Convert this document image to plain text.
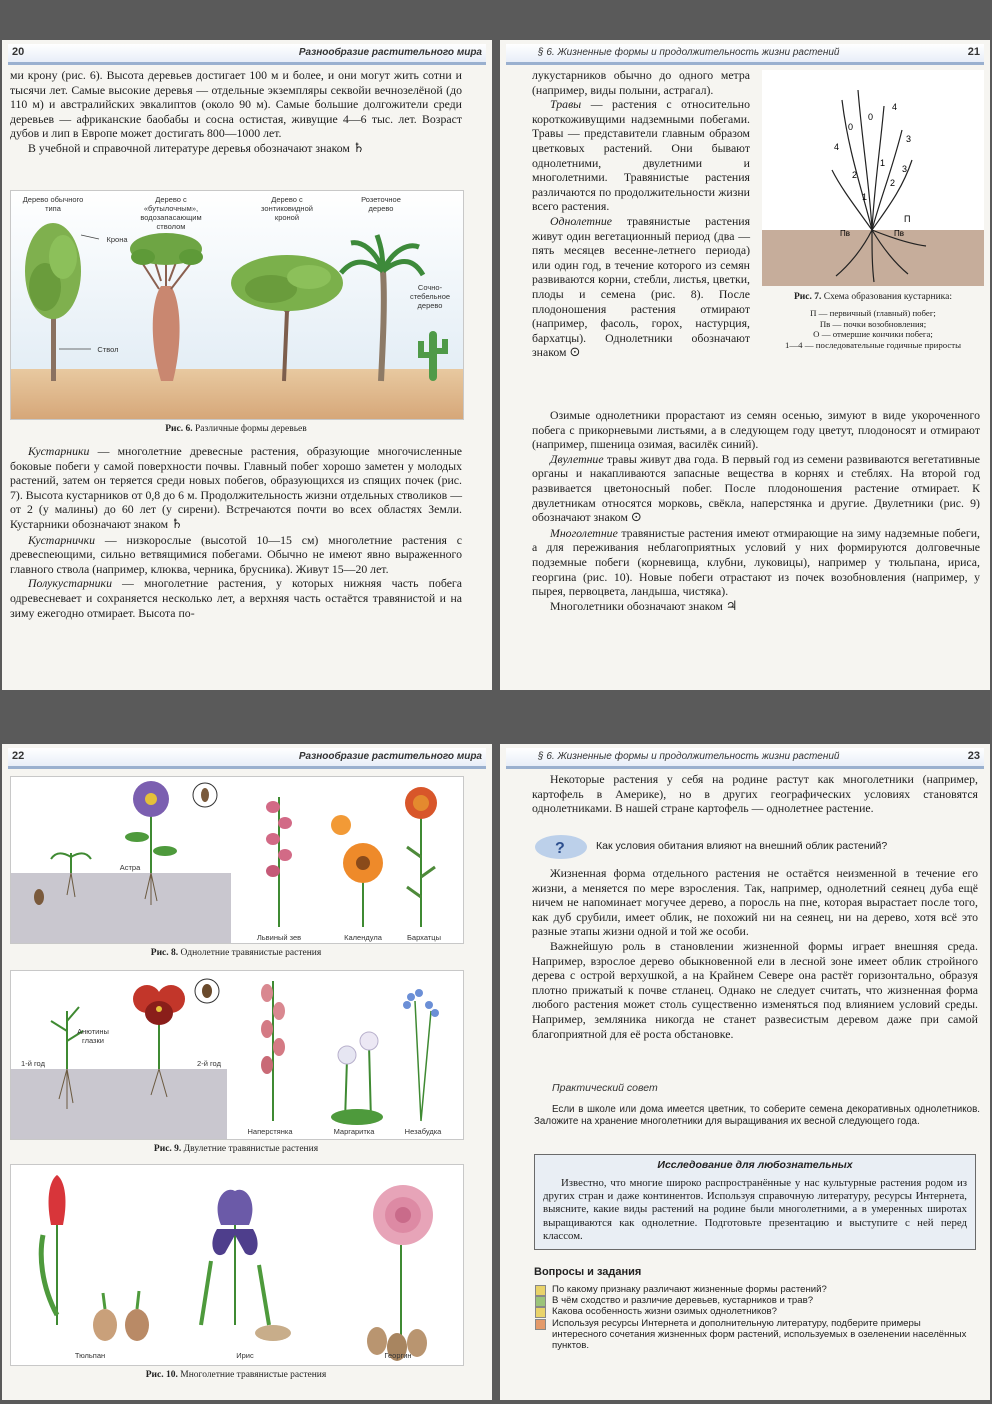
20	Разнообразие растительного мира

ми крону (рис. 6). Высота деревьев достигает 100 м и более, и они могут жить сотни и тысячи лет. Самые высокие деревья — отдельные экземпляры секвойи вечнозелёной (до 110 м) и австралийских эвкалиптов (около 90 м). Самые большие долгожители среди деревьев — африканские баобабы и сосна остистая, живущие 4—6 тыс. лет. Возраст дубов и лип в Европе может достигать 800—1000 лет.

В учебной и справочной литературе деревья обозначают знаком ♄

Дерево обычного типа
Крона
Дерево с «бутылочным», водозапасающим стволом
Дерево с зонтиковидной кроной
Розеточное дерево
Сочно-стебельное дерево
Ствол
Рис. 6. Различные формы деревьев

Кустарники — многолетние древесные растения, образующие многочисленные боковые побеги у самой поверхности почвы. Главный побег хорошо заметен у молодых растений, затем он теряется среди новых побегов, образующихся из спящих почек (рис. 7). Высота кустарников от 0,8 до 6 м. Продолжительность жизни отдельных стволиков — от 2 (у малины) до 60 лет (у сирени). Встречаются почти во всех областях Земли. Кустарники обозначают знаком ♄

Кустарнички — низкорослые (высотой 10—15 см) многолетние растения с древесneющими, сильно ветвящимися побегами. Обычно не имеют явно выраженного главного ствола (например, клюква, черника, брусника). Живут 15—20 лет.

Полукустарники — многолетние растения, у которых нижняя часть побега одревесневает и сохраняется несколько лет, а верхняя часть остаётся травянистой и на зиму ежегодно отмирает. Высота по-

§ 6. Жизненные формы и продолжительность жизни растений	21

лукустарников обычно до одного метра (например, виды полыни, астрагал).

Травы — растения с относительно короткоживущими надземными побегами. Травы — представители главным образом цветковых растений. Они бывают однолетними, двулетними и многолетними. Травянистые растения различаются по продолжительности жизни всего растения.

Однолетние травянистые растения живут один вегетационный период (два — пять месяцев весенне-летнего периода) или один год, в течение которого из семян развиваются корни, стебли, листья, цветки, плоды и семена (рис. 8). После плодоношения растения отмирают (например, фасоль, горох, настурция, бархатцы). Однолетники обозначают знаком ⊙

4
4
3
2
0
0
1
2
3
1
П
Пв	Пв
Рис. 7. Схема образования кустарника:
П — первичный (главный) побег;
Пв — почки возобновления;
О — отмершие кончики побега;
1—4 — последовательные годичные приросты

Озимые однолетники прорастают из семян осенью, зимуют в виде укороченного побега с прикорневыми листьями, а в следующем году цветут, плодоносят и отмирают (например, пшеница озимая, василёк синий).

Двулетние травы живут два года. В первый год из семени развиваются вегетативные органы и накапливаются запасные вещества в корнях и стеблях. На второй год развивается цветоносный побег. После плодоношения растение отмирает. К двулетникам относятся морковь, свёкла, наперстянка и другие. Двулетники (рис. 9) обозначают знаком ⊙

Многолетние травянистые растения имеют отмирающие на зиму надземные побеги, а для переживания неблагоприятных условий у них формируются долговечные подземные побеги (корневища, клубни, луковицы), например у тюльпана, ириса, георгина (рис. 10). Новые побеги отрастают из почек возобновления (например, у пырея, первоцвета, ландыша, чистяка).

Многолетники обозначают знаком ♃

22	Разнообразие растительного мира
Астра
Львиный зев	Календула	Бархатцы
Рис. 8. Однолетние травянистые растения
Анютины глазки
1-й год	2-й год
Наперстянка	Маргаритка	Незабудка
Рис. 9. Двулетние травянистые растения
Тюльпан	Ирис	Георгин
Рис. 10. Многолетние травянистые растения
§ 6. Жизненные формы и продолжительность жизни растений	23

Некоторые растения у себя на родине растут как многолетники (например, картофель в Америке), но в других географических условиях становятся однолетниками. В нашей стране картофель — однолетнее растение.

?	Как условия обитания влияют на внешний облик растений?

Жизненная форма отдельного растения не остаётся неизменной в течение его жизни, а меняется по мере взросления. Так, например, однолетний сеянец дуба ещё ничем не напоминает могучее дерево, а поросль на пне, которая вырастает после того, как дуб срубили, имеет облик, не похожий ни на сеянец, ни на дерево, хотя всё это разные этапы жизни одной и той же особи.

Важнейшую роль в становлении жизненной формы играет внешняя среда. Например, взрослое дерево обыкновенной ели в лесной зоне имеет облик стройного дерева с острой верхушкой, а на Крайнем Севере она растёт горизонтально, образуя плотно прижатый к почве стланец. Однако не следует считать, что жизненная форма любого растения может столь существенно изменяться под влиянием условий среды. Например, земляника никогда не станет развесистым деревом даже при самой благоприятной для её роста обстановке.

Практический совет
Если в школе или дома имеется цветник, то соберите семена декоративных однолетников. Заложите на хранение многолетники для выращивания их весной следующего года.
Исследование для любознательных

Известно, что многие широко распространённые у нас культурные растения родом из других стран и даже континентов. Используя справочную литературу, ресурсы Интернета, выясните, какие виды растений на родине были многолетними, а в умеренных широтах выращиваются как однолетние. Подготовьте презентацию и выступите с ней перед классом.

Вопросы и задания
По какому признаку различают жизненные формы растений?
В чём сходство и различие деревьев, кустарников и трав?
Какова особенность жизни озимых однолетников?
Используя ресурсы Интернета и дополнительную литературу, подберите примеры интересного сочетания жизненных форм растений, используемых в озеленении населённых пунктов.
